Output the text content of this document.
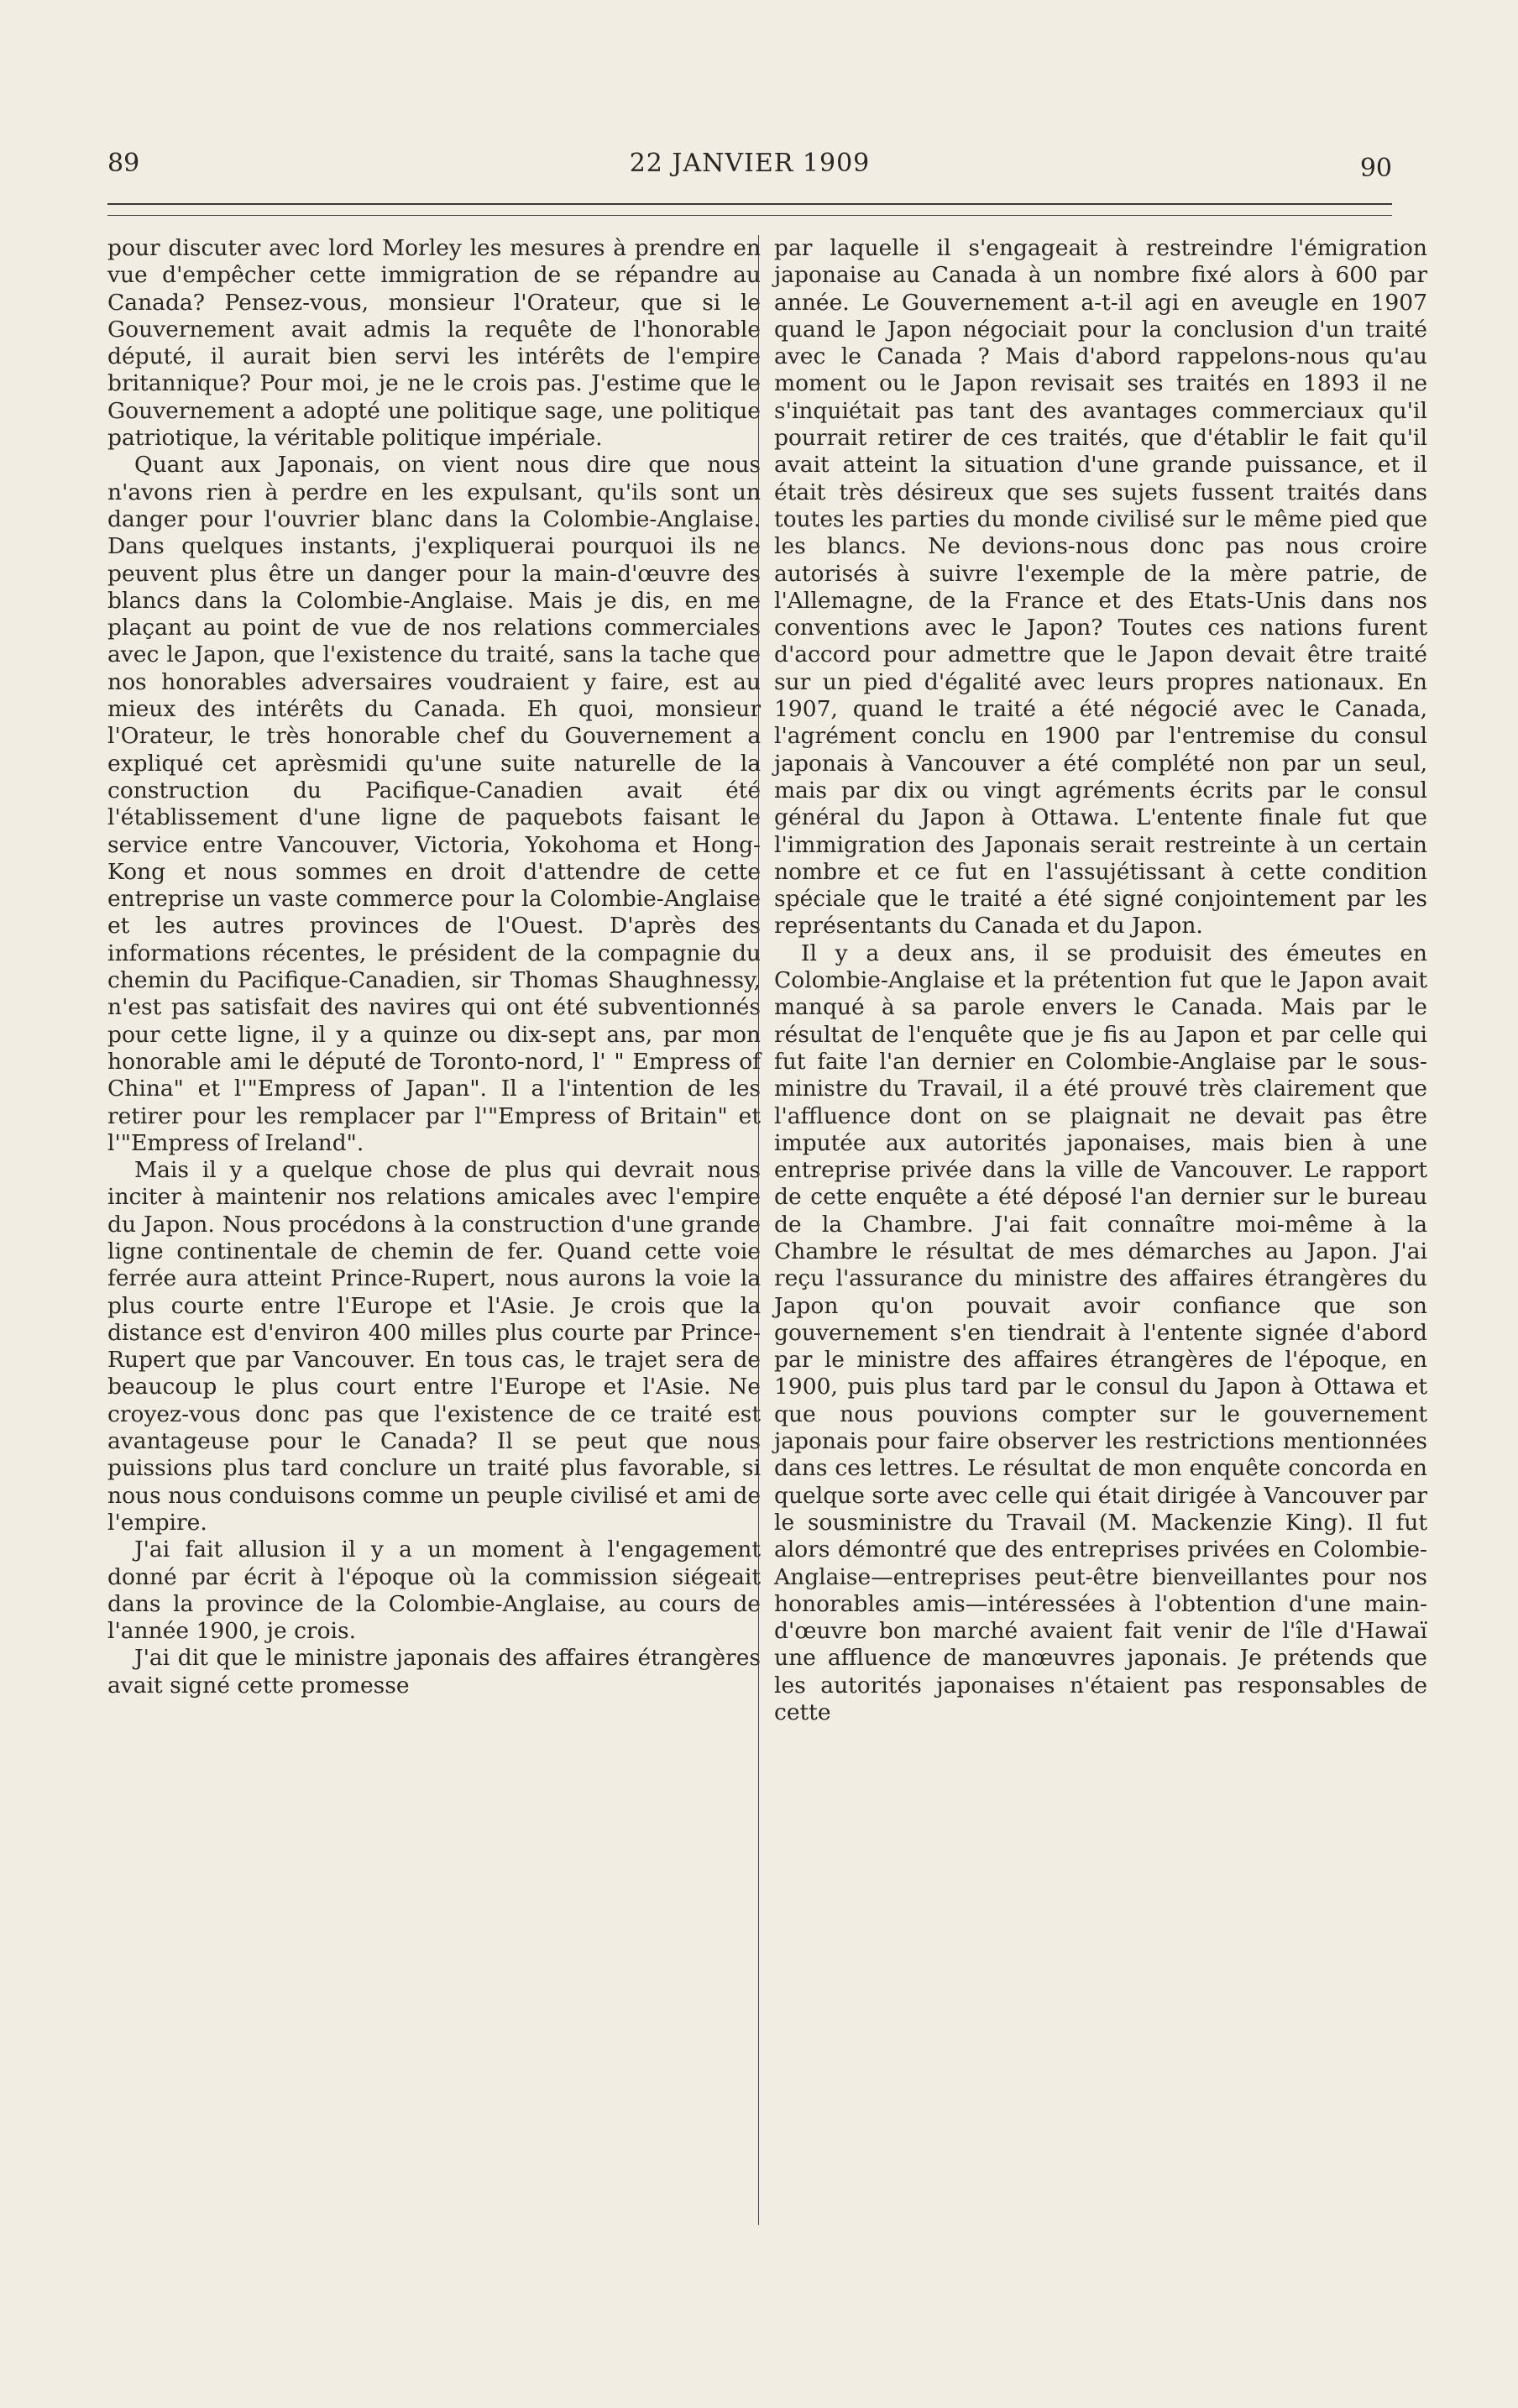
89	22 JANVIER 1909	90

pour discuter avec lord Morley les mesures à prendre en vue d'empêcher cette immigration de se répandre au Canada? Pensez-vous, monsieur l'Orateur, que si le Gouvernement avait admis la requête de l'honorable député, il aurait bien servi les intérêts de l'empire britannique? Pour moi, je ne le crois pas. J'estime que le Gouvernement a adopté une politique sage, une politique patriotique, la véritable politique impériale.

Quant aux Japonais, on vient nous dire que nous n'avons rien à perdre en les expulsant, qu'ils sont un danger pour l'ouvrier blanc dans la Colombie-Anglaise. Dans quelques instants, j'expliquerai pourquoi ils ne peuvent plus être un danger pour la main-d'œuvre des blancs dans la Colombie-Anglaise. Mais je dis, en me plaçant au point de vue de nos relations commerciales avec le Japon, que l'existence du traité, sans la tache que nos honorables adversaires voudraient y faire, est au mieux des intérêts du Canada. Eh quoi, monsieur l'Orateur, le très honorable chef du Gouvernement a expliqué cet aprèsmidi qu'une suite naturelle de la construction du Pacifique-Canadien avait été l'établissement d'une ligne de paquebots faisant le service entre Vancouver, Victoria, Yokohoma et Hong-Kong et nous sommes en droit d'attendre de cette entreprise un vaste commerce pour la Colombie-Anglaise et les autres provinces de l'Ouest. D'après des informations récentes, le président de la compagnie du chemin du Pacifique-Canadien, sir Thomas Shaughnessy, n'est pas satisfait des navires qui ont été subventionnés pour cette ligne, il y a quinze ou dix-sept ans, par mon honorable ami le député de Toronto-nord, l' " Empress of China" et l'"Empress of Japan". Il a l'intention de les retirer pour les remplacer par l'"Empress of Britain" et l'"Empress of Ireland".

Mais il y a quelque chose de plus qui devrait nous inciter à maintenir nos relations amicales avec l'empire du Japon. Nous procédons à la construction d'une grande ligne continentale de chemin de fer. Quand cette voie ferrée aura atteint Prince-Rupert, nous aurons la voie la plus courte entre l'Europe et l'Asie. Je crois que la distance est d'environ 400 milles plus courte par Prince-Rupert que par Vancouver. En tous cas, le trajet sera de beaucoup le plus court entre l'Europe et l'Asie. Ne croyez-vous donc pas que l'existence de ce traité est avantageuse pour le Canada? Il se peut que nous puissions plus tard conclure un traité plus favorable, si nous nous conduisons comme un peuple civilisé et ami de l'empire.

J'ai fait allusion il y a un moment à l'engagement donné par écrit à l'époque où la commission siégeait dans la province de la Colombie-Anglaise, au cours de l'année 1900, je crois.

J'ai dit que le ministre japonais des affaires étrangères avait signé cette promesse

par laquelle il s'engageait à restreindre l'émigration japonaise au Canada à un nombre fixé alors à 600 par année. Le Gouvernement a-t-il agi en aveugle en 1907 quand le Japon négociait pour la conclusion d'un traité avec le Canada ? Mais d'abord rappelons-nous qu'au moment ou le Japon revisait ses traités en 1893 il ne s'inquiétait pas tant des avantages commerciaux qu'il pourrait retirer de ces traités, que d'établir le fait qu'il avait atteint la situation d'une grande puissance, et il était très désireux que ses sujets fussent traités dans toutes les parties du monde civilisé sur le même pied que les blancs. Ne devions-nous donc pas nous croire autorisés à suivre l'exemple de la mère patrie, de l'Allemagne, de la France et des Etats-Unis dans nos conventions avec le Japon? Toutes ces nations furent d'accord pour admettre que le Japon devait être traité sur un pied d'égalité avec leurs propres nationaux. En 1907, quand le traité a été négocié avec le Canada, l'agrément conclu en 1900 par l'entremise du consul japonais à Vancouver a été complété non par un seul, mais par dix ou vingt agréments écrits par le consul général du Japon à Ottawa. L'entente finale fut que l'immigration des Japonais serait restreinte à un certain nombre et ce fut en l'assujétissant à cette condition spéciale que le traité a été signé conjointement par les représentants du Canada et du Japon.

Il y a deux ans, il se produisit des émeutes en Colombie-Anglaise et la prétention fut que le Japon avait manqué à sa parole envers le Canada. Mais par le résultat de l'enquête que je fis au Japon et par celle qui fut faite l'an dernier en Colombie-Anglaise par le sous-ministre du Travail, il a été prouvé très clairement que l'affluence dont on se plaignait ne devait pas être imputée aux autorités japonaises, mais bien à une entreprise privée dans la ville de Vancouver. Le rapport de cette enquête a été déposé l'an dernier sur le bureau de la Chambre. J'ai fait connaître moi-même à la Chambre le résultat de mes démarches au Japon. J'ai reçu l'assurance du ministre des affaires étrangères du Japon qu'on pouvait avoir confiance que son gouvernement s'en tiendrait à l'entente signée d'abord par le ministre des affaires étrangères de l'époque, en 1900, puis plus tard par le consul du Japon à Ottawa et que nous pouvions compter sur le gouvernement japonais pour faire observer les restrictions mentionnées dans ces lettres. Le résultat de mon enquête concorda en quelque sorte avec celle qui était dirigée à Vancouver par le sousministre du Travail (M. Mackenzie King). Il fut alors démontré que des entreprises privées en Colombie-Anglaise—entreprises peut-être bienveillantes pour nos honorables amis—intéressées à l'obtention d'une main-d'œuvre bon marché avaient fait venir de l'île d'Hawaï une affluence de manœuvres japonais. Je prétends que les autorités japonaises n'étaient pas responsables de cette
